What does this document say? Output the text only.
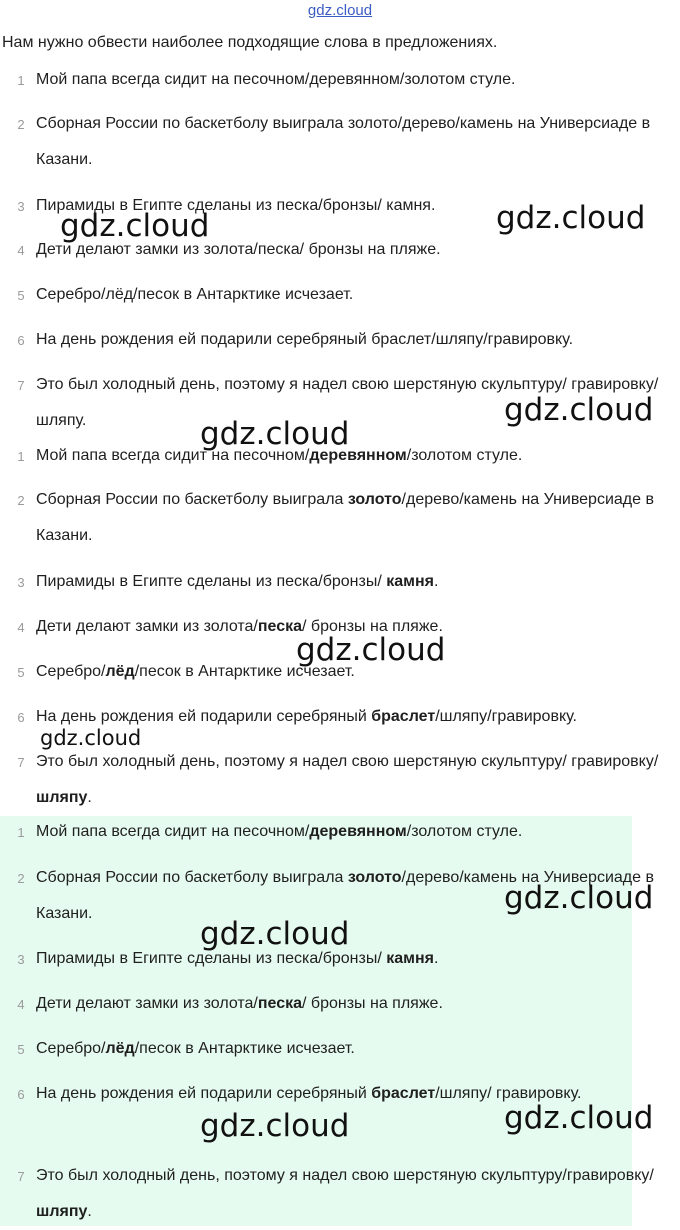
gdz.cloud
Нам нужно обвести наиболее подходящие слова в предложениях.
1 Мой папа всегда сидит на песочном/деревянном/золотом стуле.
2 Сборная России по баскетболу выиграла золото/дерево/камень на Универсиаде в Казани.
3 Пирамиды в Египте сделаны из песка/бронзы/ камня.
4 Дети делают замки из золота/песка/ бронзы на пляже.
5 Серебро/лёд/песок в Антарктике исчезает.
6 На день рождения ей подарили серебряный браслет/шляпу/гравировку.
7 Это был холодный день, поэтому я надел свою шерстяную скульптуру/ гравировку/шляпу.
1 Мой папа всегда сидит на песочном/деревянном/золотом стуле.
2 Сборная России по баскетболу выиграла золото/дерево/камень на Универсиаде в Казани.
3 Пирамиды в Египте сделаны из песка/бронзы/ камня.
4 Дети делают замки из золота/песка/ бронзы на пляже.
5 Серебро/лёд/песок в Антарктике исчезает.
6 На день рождения ей подарили серебряный браслет/шляпу/гравировку.
7 Это был холодный день, поэтому я надел свою шерстяную скульптуру/ гравировку/шляпу.
1 Мой папа всегда сидит на песочном/деревянном/золотом стуле.
2 Сборная России по баскетболу выиграла золото/дерево/камень на Универсиаде в Казани.
3 Пирамиды в Египте сделаны из песка/бронзы/ камня.
4 Дети делают замки из золота/песка/ бронзы на пляже.
5 Серебро/лёд/песок в Антарктике исчезает.
6 На день рождения ей подарили серебряный браслет/шляпу/ гравировку.
7 Это был холодный день, поэтому я надел свою шерстяную скульптуру/гравировку/шляпу.
gdz.cloud	gdz.cloud
gdz.cloud
gdz.cloud
gdz.cloud
gdz.cloud
gdz.cloud
gdz.cloud
gdz.cloud
gdz.cloud
